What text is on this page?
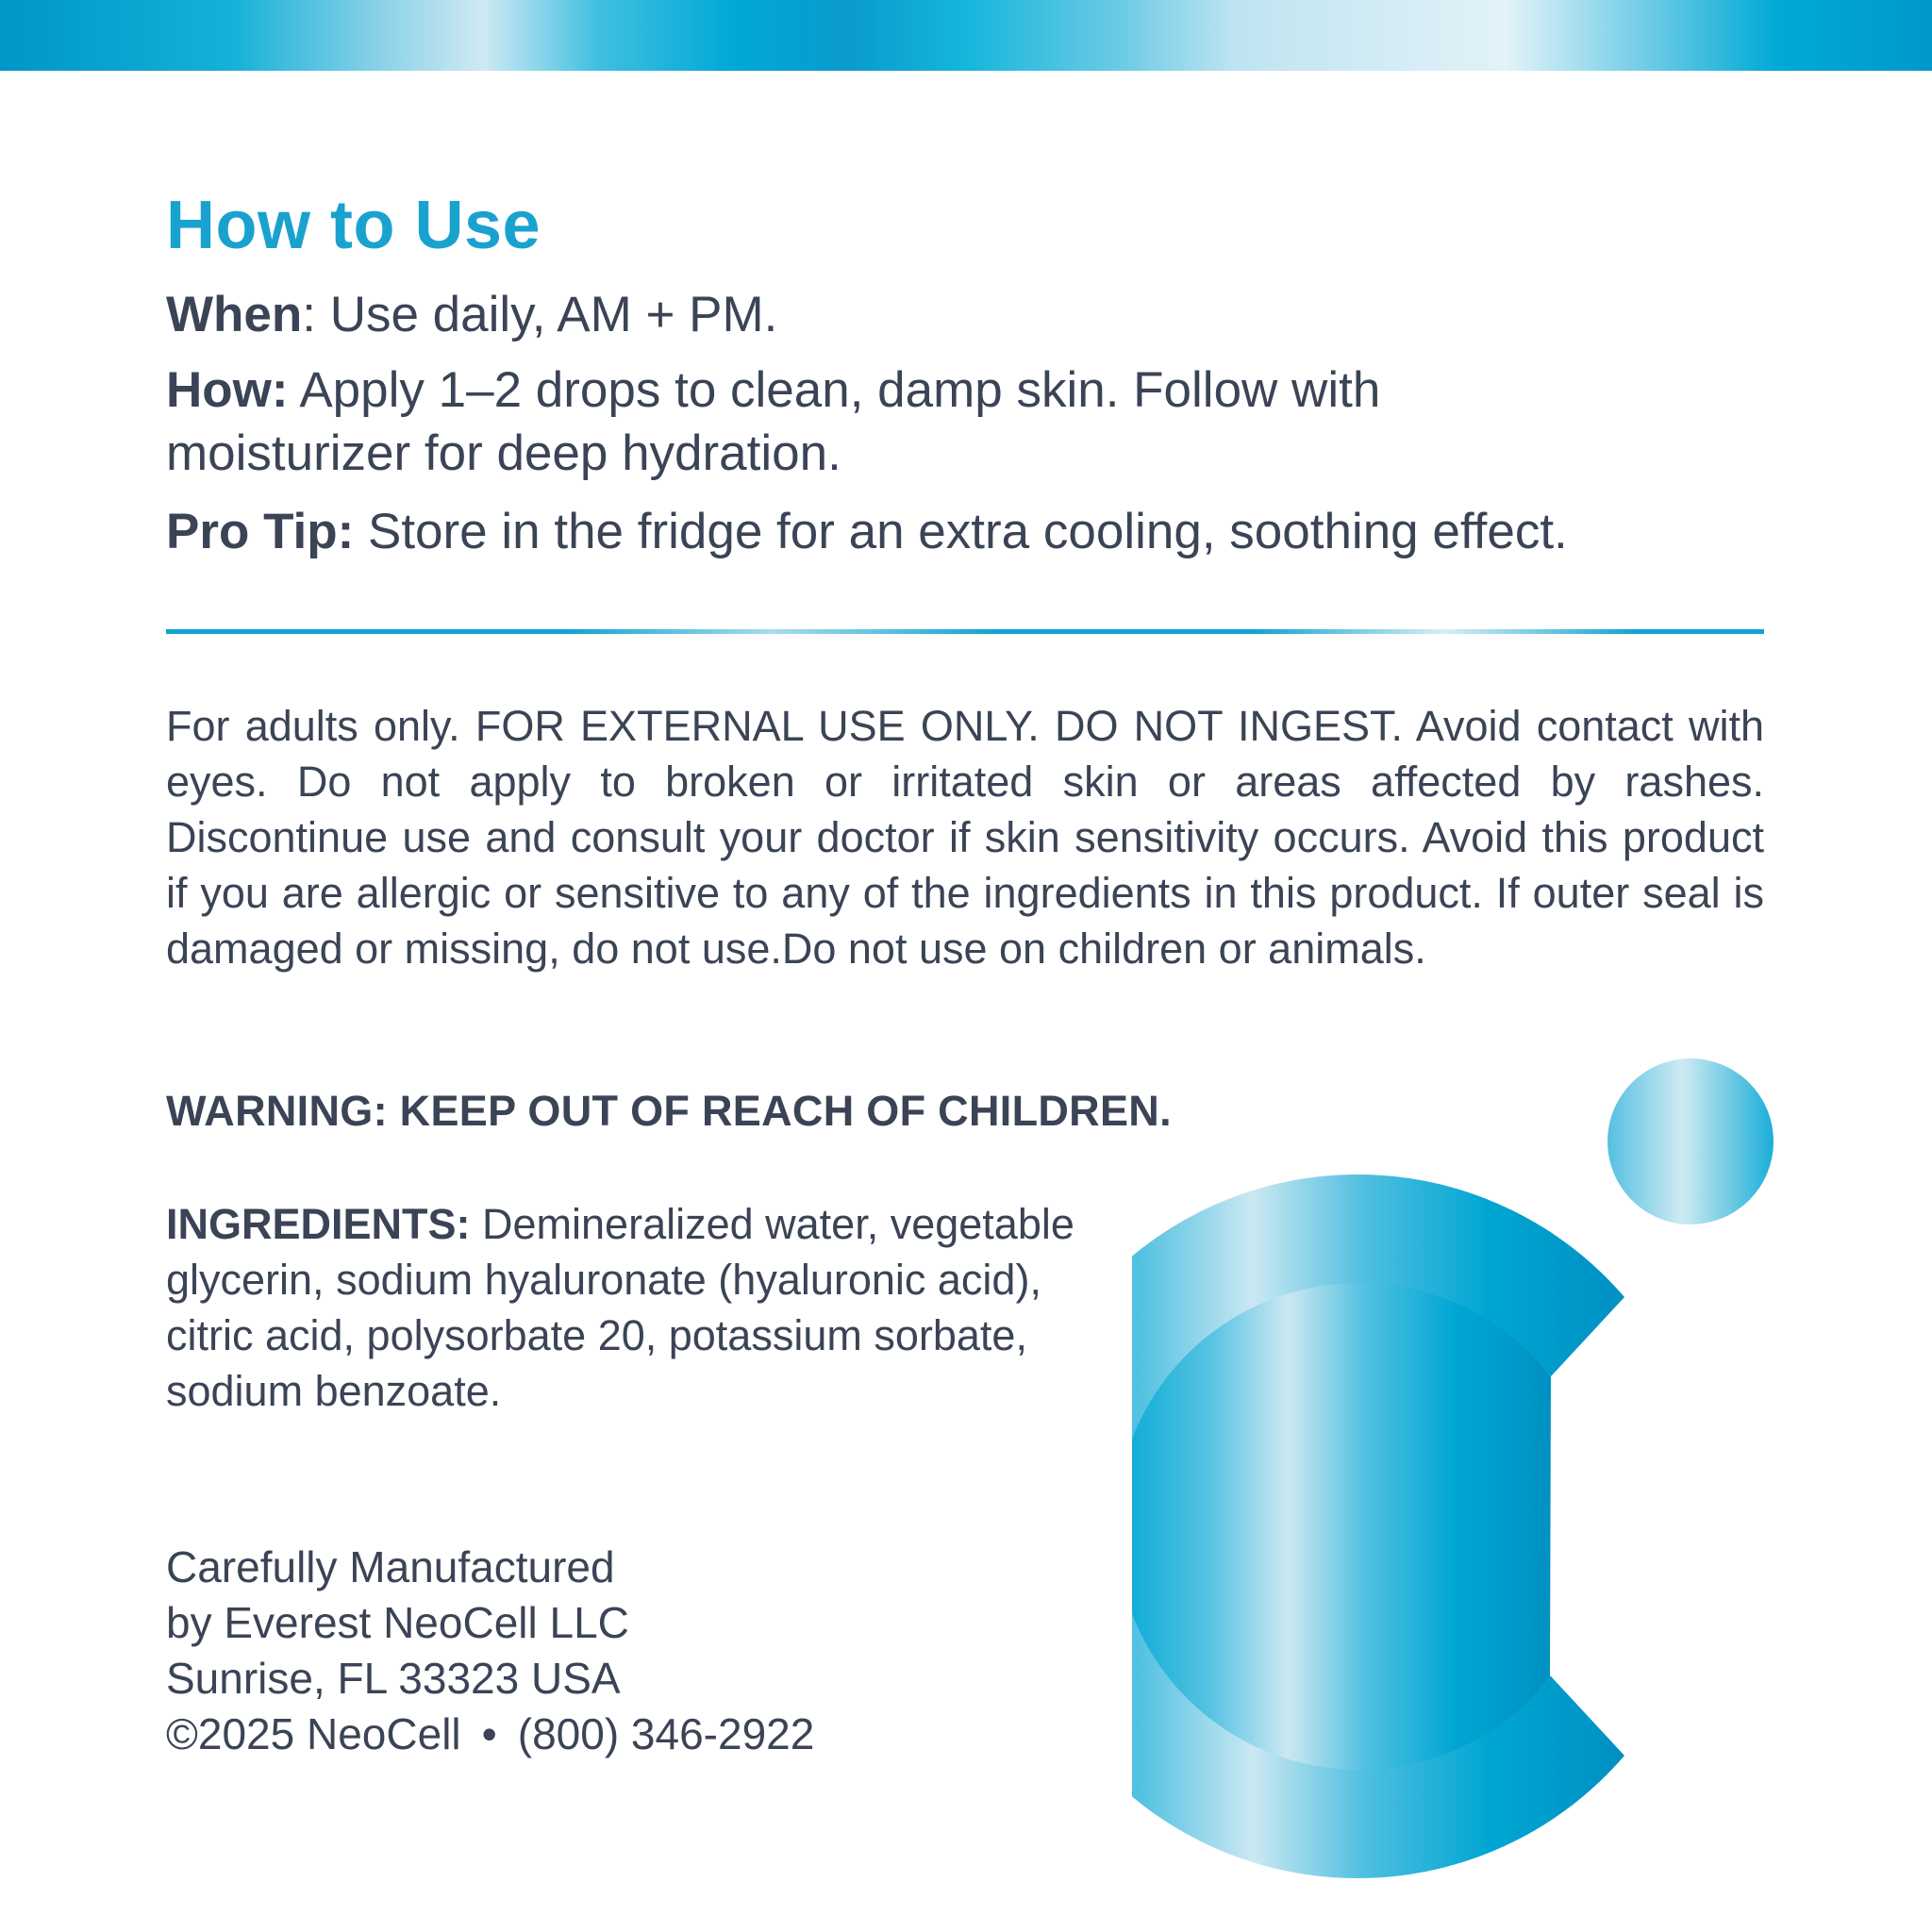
How to Use

When: Use daily, AM + PM.

How: Apply 1–2 drops to clean, damp skin. Follow with moisturizer for deep hydration.

Pro Tip: Store in the fridge for an extra cooling, soothing effect.

For adults only. FOR EXTERNAL USE ONLY. DO NOT INGEST. Avoid contact with eyes. Do not apply to broken or irritated skin or areas affected by rashes. Discontinue use and consult your doctor if skin sensitivity occurs. Avoid this product if you are allergic or sensitive to any of the ingredients in this product. If outer seal is damaged or missing, do not use.Do not use on children or animals.

WARNING: KEEP OUT OF REACH OF CHILDREN.

INGREDIENTS: Demineralized water, vegetable glycerin, sodium hyaluronate (hyaluronic acid), citric acid, polysorbate 20, potassium sorbate, sodium benzoate.

Carefully Manufactured
by Everest NeoCell LLC
Sunrise, FL 33323 USA
©2025 NeoCell • (800) 346-2922
